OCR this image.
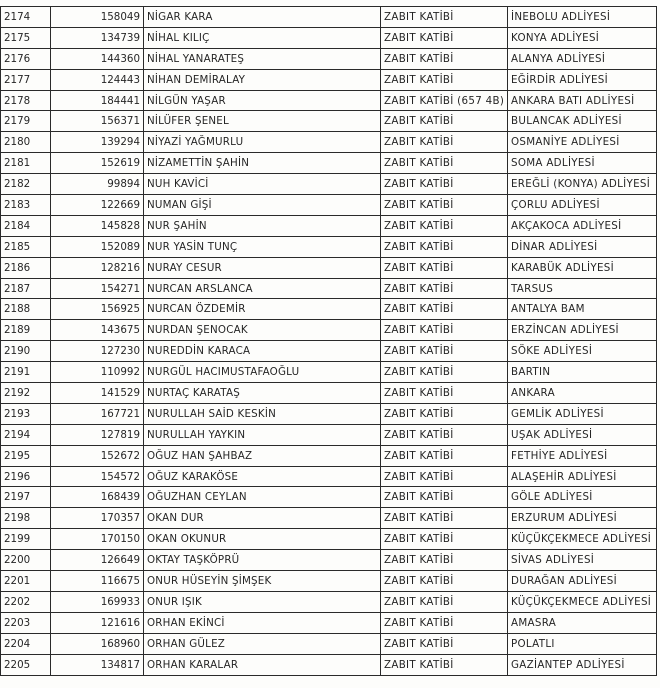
2174	158049	NİGAR KARA	ZABIT KATİBİ	İNEBOLU ADLİYESİ
2175	134739	NİHAL KILIÇ	ZABIT KATİBİ	KONYA ADLİYESİ
2176	144360	NİHAL YANARATEŞ	ZABIT KATİBİ	ALANYA ADLİYESİ
2177	124443	NİHAN DEMİRALAY	ZABIT KATİBİ	EĞİRDİR ADLİYESİ
2178	184441	NİLGÜN YAŞAR	ZABIT KATİBİ (657 4B)	ANKARA BATI ADLİYESİ
2179	156371	NİLÜFER ŞENEL	ZABIT KATİBİ	BULANCAK ADLİYESİ
2180	139294	NİYAZİ YAĞMURLU	ZABIT KATİBİ	OSMANİYE ADLİYESİ
2181	152619	NİZAMETTİN ŞAHİN	ZABIT KATİBİ	SOMA ADLİYESİ
2182	99894	NUH KAVİCİ	ZABIT KATİBİ	EREĞLİ (KONYA) ADLİYESİ
2183	122669	NUMAN GİŞİ	ZABIT KATİBİ	ÇORLU ADLİYESİ
2184	145828	NUR ŞAHİN	ZABIT KATİBİ	AKÇAKOCA ADLİYESİ
2185	152089	NUR YASİN TUNÇ	ZABIT KATİBİ	DİNAR ADLİYESİ
2186	128216	NURAY CESUR	ZABIT KATİBİ	KARABÜK ADLİYESİ
2187	154271	NURCAN ARSLANCA	ZABIT KATİBİ	TARSUS
2188	156925	NURCAN ÖZDEMİR	ZABIT KATİBİ	ANTALYA BAM
2189	143675	NURDAN ŞENOCAK	ZABIT KATİBİ	ERZİNCAN ADLİYESİ
2190	127230	NUREDDİN KARACA	ZABIT KATİBİ	SÖKE ADLİYESİ
2191	110992	NURGÜL HACIMUSTAFAOĞLU	ZABIT KATİBİ	BARTIN
2192	141529	NURTAÇ KARATAŞ	ZABIT KATİBİ	ANKARA
2193	167721	NURULLAH SAİD KESKİN	ZABIT KATİBİ	GEMLİK ADLİYESİ
2194	127819	NURULLAH YAYKIN	ZABIT KATİBİ	UŞAK ADLİYESİ
2195	152672	OĞUZ HAN ŞAHBAZ	ZABIT KATİBİ	FETHİYE ADLİYESİ
2196	154572	OĞUZ KARAKÖSE	ZABIT KATİBİ	ALAŞEHİR ADLİYESİ
2197	168439	OĞUZHAN CEYLAN	ZABIT KATİBİ	GÖLE ADLİYESİ
2198	170357	OKAN DUR	ZABIT KATİBİ	ERZURUM ADLİYESİ
2199	170150	OKAN OKUNUR	ZABIT KATİBİ	KÜÇÜKÇEKMECE ADLİYESİ
2200	126649	OKTAY TAŞKÖPRÜ	ZABIT KATİBİ	SİVAS ADLİYESİ
2201	116675	ONUR HÜSEYİN ŞİMŞEK	ZABIT KATİBİ	DURAĞAN ADLİYESİ
2202	169933	ONUR IŞIK	ZABIT KATİBİ	KÜÇÜKÇEKMECE ADLİYESİ
2203	121616	ORHAN EKİNCİ	ZABIT KATİBİ	AMASRA
2204	168960	ORHAN GÜLEZ	ZABIT KATİBİ	POLATLI
2205	134817	ORHAN KARALAR	ZABIT KATİBİ	GAZİANTEP ADLİYESİ
